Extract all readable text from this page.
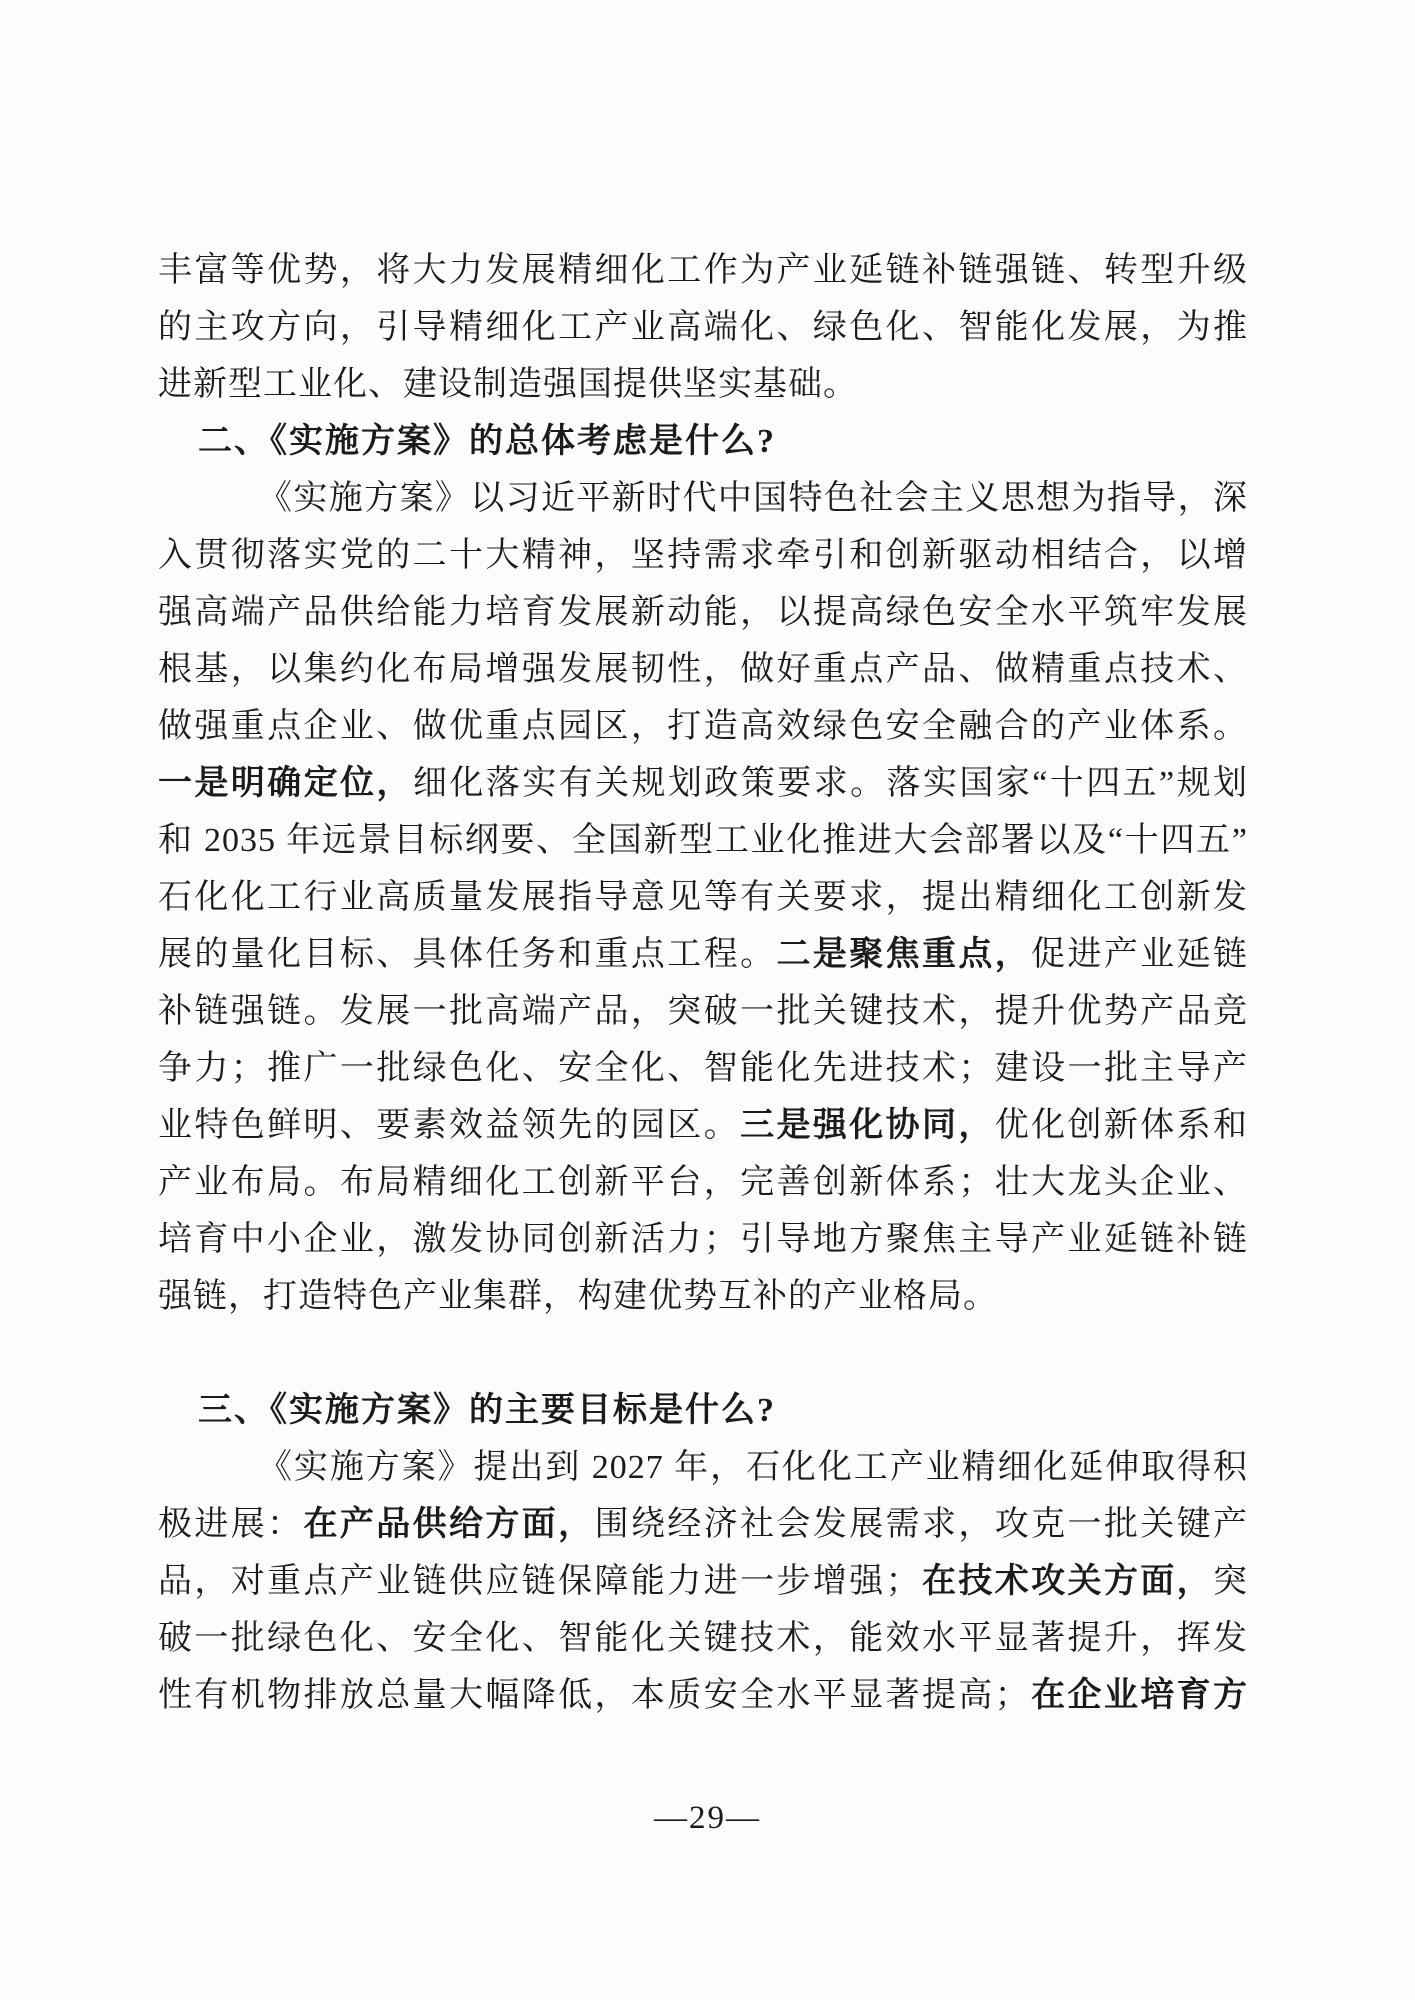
丰富等优势，将大力发展精细化工作为产业延链补链强链、转型升级
的主攻方向，引导精细化工产业高端化、绿色化、智能化发展，为推
进新型工业化、建设制造强国提供坚实基础。
二、《实施方案》的总体考虑是什么?
《实施方案》以习近平新时代中国特色社会主义思想为指导，深
入贯彻落实党的二十大精神，坚持需求牵引和创新驱动相结合，以增
强高端产品供给能力培育发展新动能，以提高绿色安全水平筑牢发展
根基，以集约化布局增强发展韧性，做好重点产品、做精重点技术、
做强重点企业、做优重点园区，打造高效绿色安全融合的产业体系。
一是明确定位，细化落实有关规划政策要求。落实国家“十四五”规划
和 2035 年远景目标纲要、全国新型工业化推进大会部署以及“十四五”
石化化工行业高质量发展指导意见等有关要求，提出精细化工创新发
展的量化目标、具体任务和重点工程。二是聚焦重点，促进产业延链
补链强链。发展一批高端产品，突破一批关键技术，提升优势产品竞
争力；推广一批绿色化、安全化、智能化先进技术；建设一批主导产
业特色鲜明、要素效益领先的园区。三是强化协同，优化创新体系和
产业布局。布局精细化工创新平台，完善创新体系；壮大龙头企业、
培育中小企业，激发协同创新活力；引导地方聚焦主导产业延链补链
强链，打造特色产业集群，构建优势互补的产业格局。
三、《实施方案》的主要目标是什么?
《实施方案》提出到 2027 年，石化化工产业精细化延伸取得积
极进展：在产品供给方面，围绕经济社会发展需求，攻克一批关键产
品，对重点产业链供应链保障能力进一步增强；在技术攻关方面，突
破一批绿色化、安全化、智能化关键技术，能效水平显著提升，挥发
性有机物排放总量大幅降低，本质安全水平显著提高；在企业培育方
—29—
